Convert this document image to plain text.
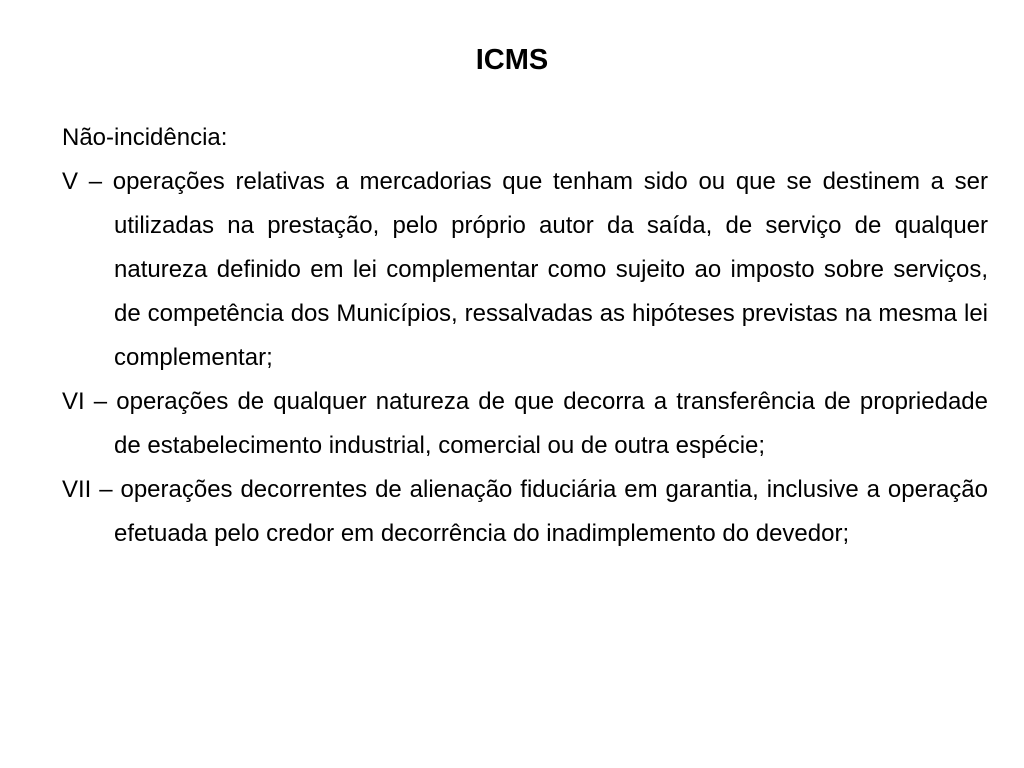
ICMS

Não-incidência:

V – operações relativas a mercadorias que tenham sido ou que se destinem a ser utilizadas na prestação, pelo próprio autor da saída, de serviço de qualquer natureza definido em lei complementar como sujeito ao imposto sobre serviços, de competência dos Municípios, ressalvadas as hipóteses previstas na mesma lei complementar;

VI – operações de qualquer natureza de que decorra a transferência de propriedade de estabelecimento industrial, comercial ou de outra espécie;

VII – operações decorrentes de alienação fiduciária em garantia, inclusive a operação efetuada pelo credor em decorrência do inadimplemento do devedor;
